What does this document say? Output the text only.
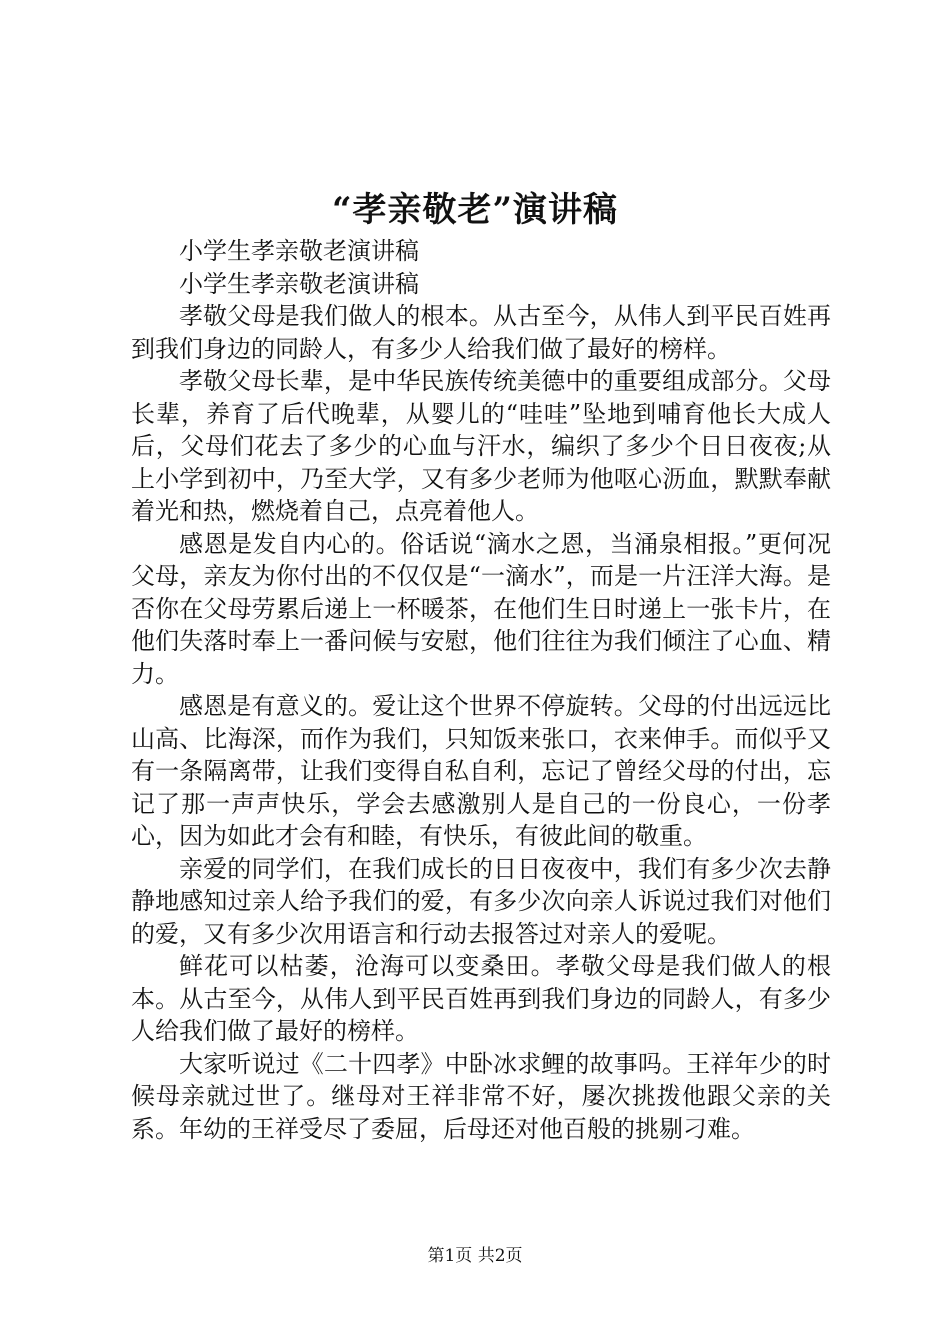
“孝亲敬老”演讲稿

小学生孝亲敬老演讲稿

小学生孝亲敬老演讲稿

孝敬父母是我们做人的根本。从古至今，从伟人到平民百姓再到我们身边的同龄人，有多少人给我们做了最好的榜样。

孝敬父母长辈，是中华民族传统美德中的重要组成部分。父母长辈，养育了后代晚辈，从婴儿的“哇哇”坠地到哺育他长大成人后，父母们花去了多少的心血与汗水，编织了多少个日日夜夜;从上小学到初中，乃至大学，又有多少老师为他呕心沥血，默默奉献着光和热，燃烧着自己，点亮着他人。

感恩是发自内心的。俗话说“滴水之恩，当涌泉相报。”更何况父母，亲友为你付出的不仅仅是“一滴水”，而是一片汪洋大海。是否你在父母劳累后递上一杯暖茶，在他们生日时递上一张卡片，在他们失落时奉上一番问候与安慰，他们往往为我们倾注了心血、精力。

感恩是有意义的。爱让这个世界不停旋转。父母的付出远远比山高、比海深，而作为我们，只知饭来张口，衣来伸手。而似乎又有一条隔离带，让我们变得自私自利，忘记了曾经父母的付出，忘记了那一声声快乐，学会去感激别人是自己的一份良心，一份孝心，因为如此才会有和睦，有快乐，有彼此间的敬重。

亲爱的同学们，在我们成长的日日夜夜中，我们有多少次去静静地感知过亲人给予我们的爱，有多少次向亲人诉说过我们对他们的爱，又有多少次用语言和行动去报答过对亲人的爱呢。

鲜花可以枯萎，沧海可以变桑田。孝敬父母是我们做人的根本。从古至今，从伟人到平民百姓再到我们身边的同龄人，有多少人给我们做了最好的榜样。

大家听说过《二十四孝》中卧冰求鲤的故事吗。王祥年少的时候母亲就过世了。继母对王祥非常不好，屡次挑拨他跟父亲的关系。年幼的王祥受尽了委屈，后母还对他百般的挑剔刁难。

第1页 共2页
